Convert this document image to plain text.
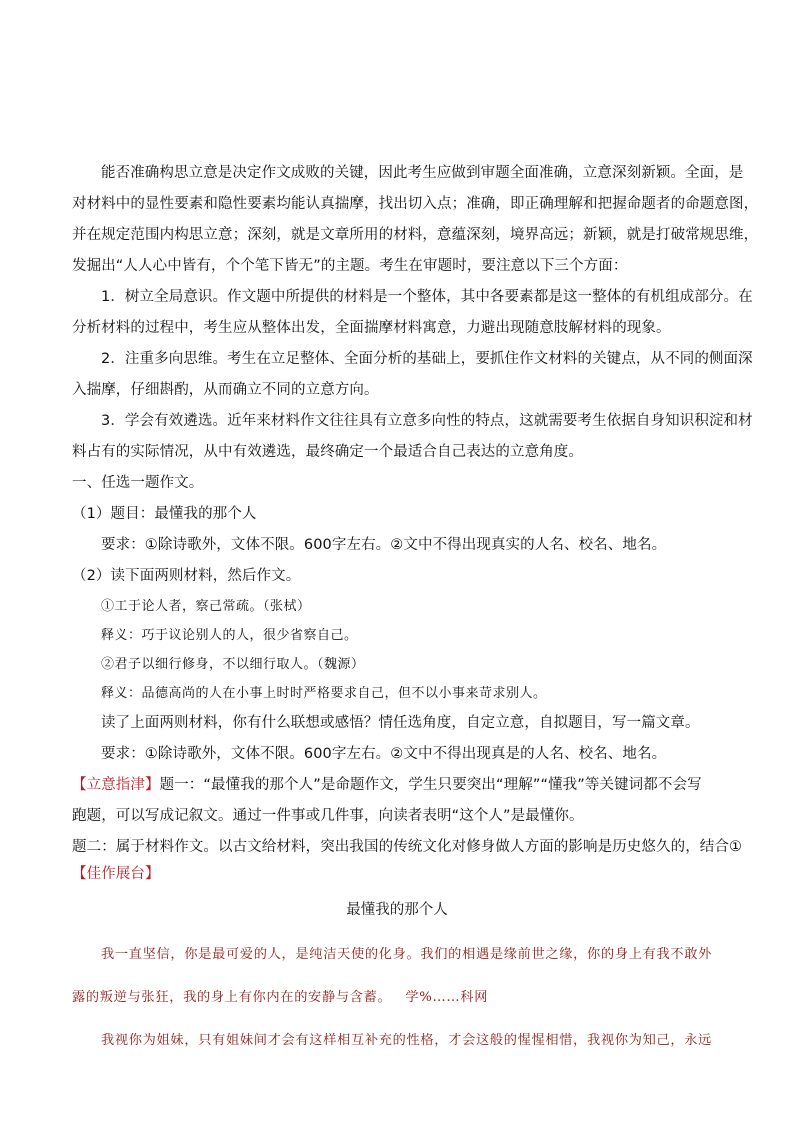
能否准确构思立意是决定作文成败的关键，因此考生应做到审题全面准确，立意深刻新颖。全面，是

对材料中的显性要素和隐性要素均能认真揣摩，找出切入点；准确，即正确理解和把握命题者的命题意图，

并在规定范围内构思立意；深刻，就是文章所用的材料，意蕴深刻，境界高远；新颖，就是打破常规思维，

发掘出“人人心中皆有，个个笔下皆无”的主题。考生在审题时，要注意以下三个方面：

1．树立全局意识。作文题中所提供的材料是一个整体，其中各要素都是这一整体的有机组成部分。在

分析材料的过程中，考生应从整体出发，全面揣摩材料寓意，力避出现随意肢解材料的现象。

2．注重多向思维。考生在立足整体、全面分析的基础上，要抓住作文材料的关键点，从不同的侧面深

入揣摩，仔细斟酌，从而确立不同的立意方向。

3．学会有效遴选。近年来材料作文往往具有立意多向性的特点，这就需要考生依据自身知识积淀和材

料占有的实际情况，从中有效遴选，最终确定一个最适合自己表达的立意角度。

一、任选一题作文。

（1）题目：最懂我的那个人

要求：①除诗歌外，文体不限。600字左右。②文中不得出现真实的人名、校名、地名。

（2）读下面两则材料，然后作文。

①工于论人者，察己常疏。（张栻）

释义：巧于议论别人的人，很少省察自己。

②君子以细行修身，不以细行取人。（魏源）

释义：品德高尚的人在小事上时时严格要求自己，但不以小事来苛求别人。

读了上面两则材料，你有什么联想或感悟？情任选角度，自定立意，自拟题目，写一篇文章。

要求：①除诗歌外，文体不限。600字左右。②文中不得出现真是的人名、校名、地名。

【立意指津】题一：“最懂我的那个人”是命题作文，学生只要突出“理解”“懂我”等关键词都不会写

跑题，可以写成记叙文。通过一件事或几件事，向读者表明“这个人”是最懂你。

题二：属于材料作文。以古文给材料，突出我国的传统文化对修身做人方面的影响是历史悠久的，结合①

【佳作展台】

最懂我的那个人

我一直坚信，你是最可爱的人，是纯洁天使的化身。我们的相遇是缘前世之缘，你的身上有我不敢外

露的叛逆与张狂，我的身上有你内在的安静与含蓄。 学%……科网

我视你为姐妹，只有姐妹间才会有这样相互补充的性格，才会这般的惺惺相惜，我视你为知己，永远
